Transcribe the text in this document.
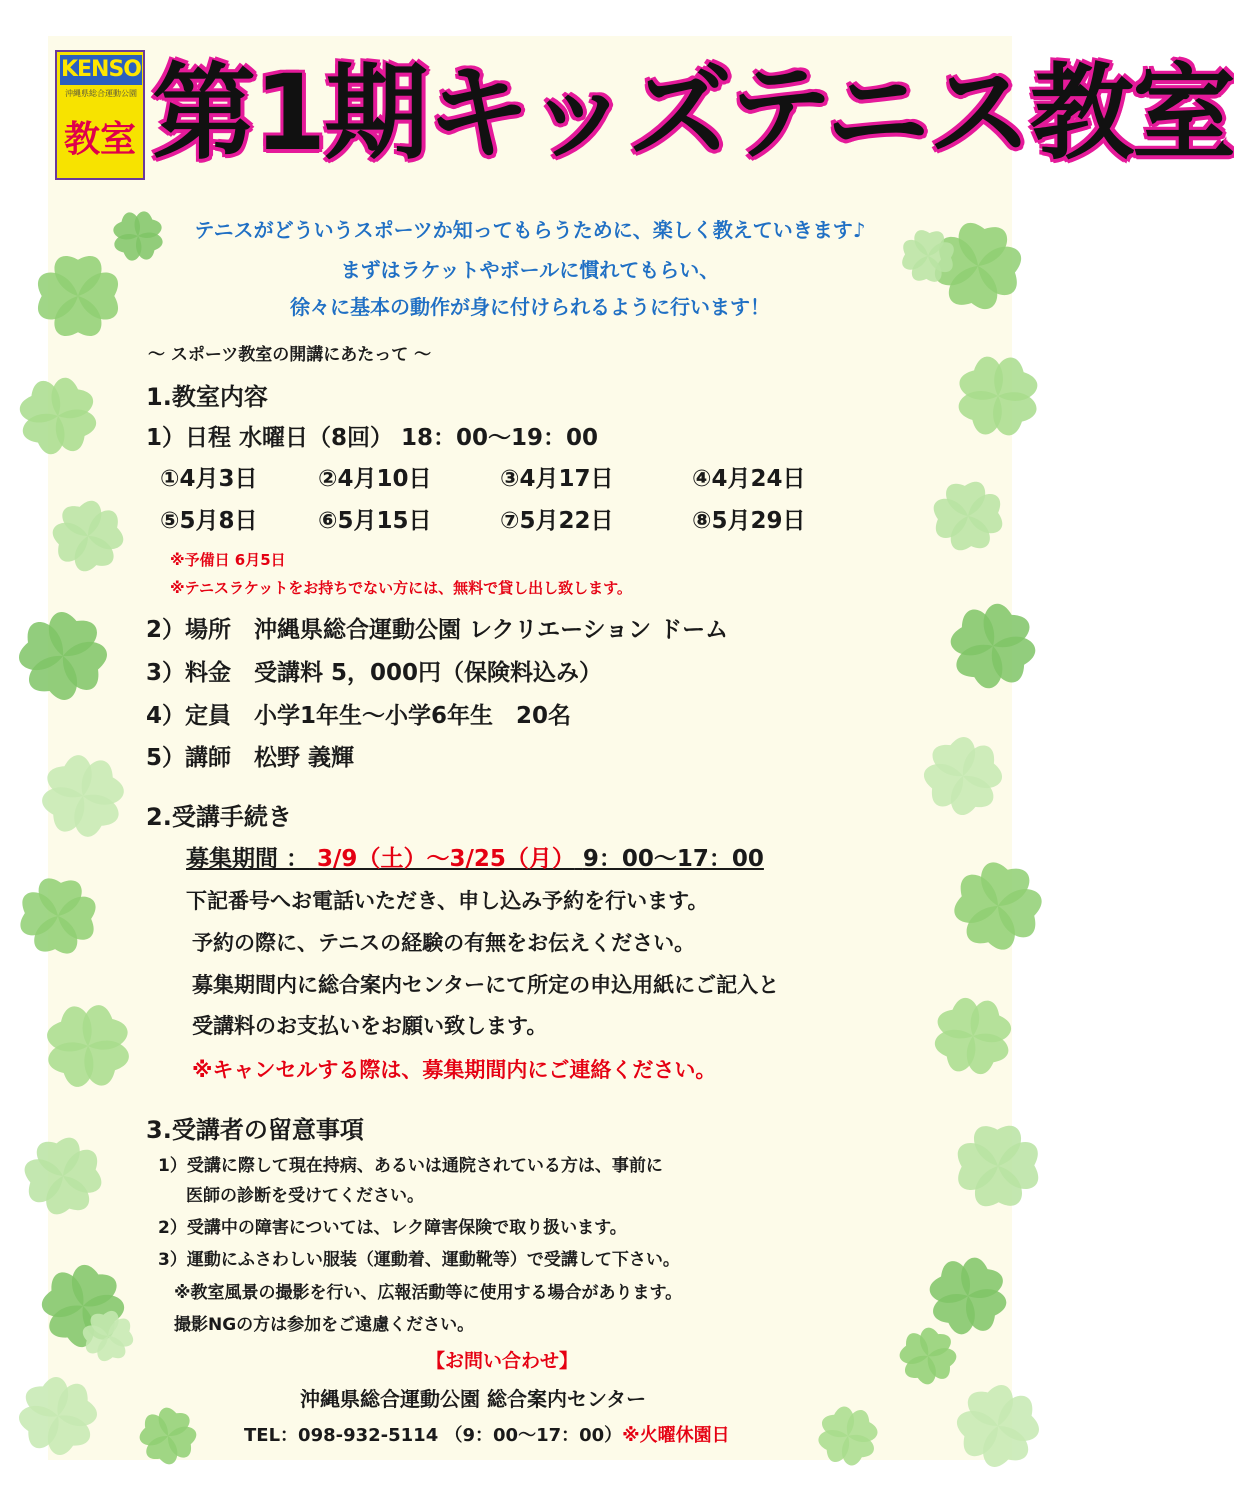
KENSO
沖縄県総合運動公園
教室 第1期キッズテニス教室
テニスがどういうスポーツか知ってもらうために、楽しく教えていきます♪
まずはラケットやボールに慣れてもらい、
徐々に基本の動作が身に付けられるように行います！
～ スポーツ教室の開講にあたって ～
1.教室内容
1）日程 水曜日（8回） 18：00～19：00
①4月3日	②4月10日	③4月17日	④4月24日
⑤5月8日	⑥5月15日	⑦5月22日	⑧5月29日
※予備日 6月5日
※テニスラケットをお持ちでない方には、無料で貸し出し致します。
2）場所　沖縄県総合運動公園 レクリエーション ドーム
3）料金　受講料 5，000円（保険料込み）
4）定員　小学1年生～小学6年生　20名
5）講師　松野 義輝
2.受講手続き
募集期間 ： 3/9（土）～3/25（月） 9：00～17：00
下記番号へお電話いただき、申し込み予約を行います。
予約の際に、テニスの経験の有無をお伝えください。
募集期間内に総合案内センターにて所定の申込用紙にご記入と
受講料のお支払いをお願い致します。
※キャンセルする際は、募集期間内にご連絡ください。
3.受講者の留意事項
1）受講に際して現在持病、あるいは通院されている方は、事前に
医師の診断を受けてください。
2）受講中の障害については、レク障害保険で取り扱います。
3）運動にふさわしい服装（運動着、運動靴等）で受講して下さい。
※教室風景の撮影を行い、広報活動等に使用する場合があります。
撮影NGの方は参加をご遠慮ください。
【お問い合わせ】
沖縄県総合運動公園 総合案内センター
TEL：098-932-5114 （9：00～17：00）※火曜休園日
